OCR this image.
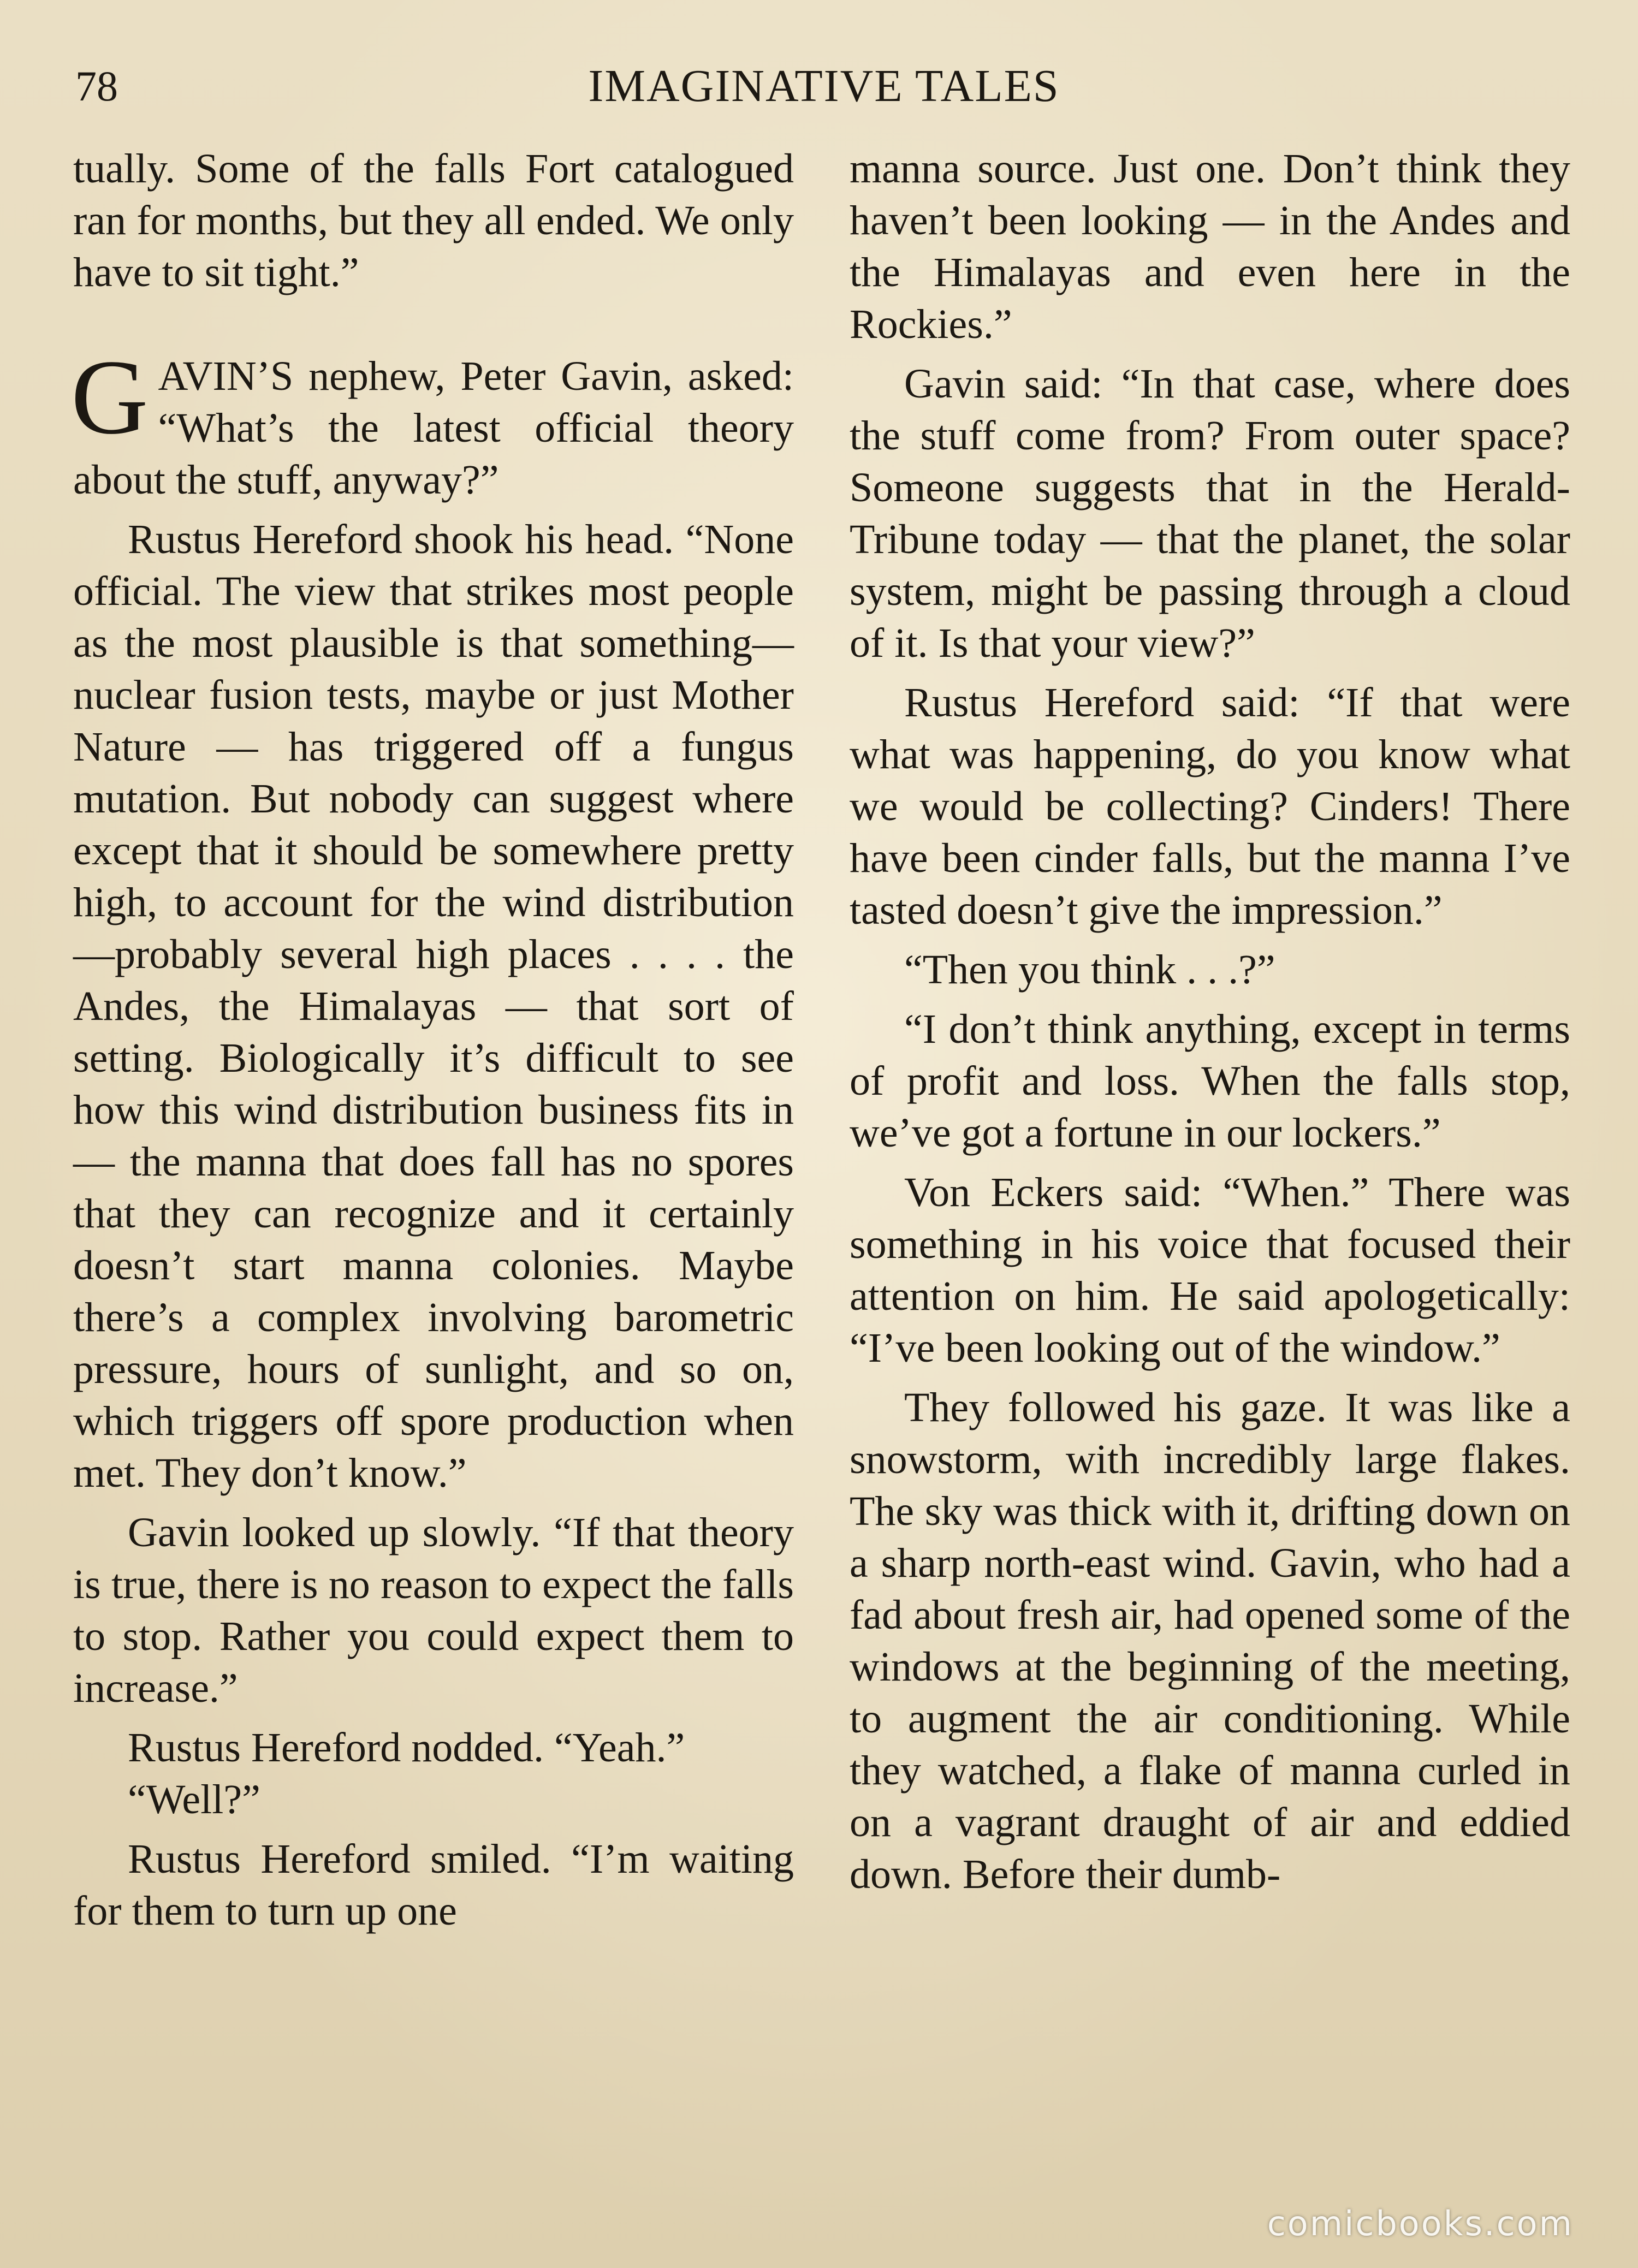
78	IMAGINATIVE TALES

tually. Some of the falls Fort catalogued ran for months, but they all ended. We only have to sit tight.”

GAVIN’S nephew, Peter Gavin, asked: “What’s the latest official theory about the stuff, anyway?”

Rustus Hereford shook his head. “None official. The view that strikes most people as the most plausible is that something—nuclear fusion tests, maybe or just Mother Nature — has triggered off a fungus mutation. But nobody can suggest where except that it should be somewhere pretty high, to account for the wind distribution—probably several high places . . . . the Andes, the Himalayas — that sort of setting. Biologically it’s difficult to see how this wind distribution business fits in — the manna that does fall has no spores that they can recognize and it certainly doesn’t start manna colonies. Maybe there’s a complex involving barometric pressure, hours of sunlight, and so on, which triggers off spore production when met. They don’t know.”

Gavin looked up slowly. “If that theory is true, there is no reason to expect the falls to stop. Rather you could expect them to increase.”

Rustus Hereford nodded. “Yeah.”

“Well?”

Rustus Hereford smiled. “I’m waiting for them to turn up one

manna source. Just one. Don’t think they haven’t been looking — in the Andes and the Himalayas and even here in the Rockies.”

Gavin said: “In that case, where does the stuff come from? From outer space? Someone suggests that in the Herald-Tribune today — that the planet, the solar system, might be passing through a cloud of it. Is that your view?”

Rustus Hereford said: “If that were what was happening, do you know what we would be collecting? Cinders! There have been cinder falls, but the manna I’ve tasted doesn’t give the impression.”

“Then you think . . .?”

“I don’t think anything, except in terms of profit and loss. When the falls stop, we’ve got a fortune in our lockers.”

Von Eckers said: “When.” There was something in his voice that focused their attention on him. He said apologetically: “I’ve been looking out of the window.”

They followed his gaze. It was like a snowstorm, with incredibly large flakes. The sky was thick with it, drifting down on a sharp north-east wind. Gavin, who had a fad about fresh air, had opened some of the windows at the beginning of the meeting, to augment the air conditioning. While they watched, a flake of manna curled in on a vagrant draught of air and eddied down. Before their dumb-

comicbooks.com
